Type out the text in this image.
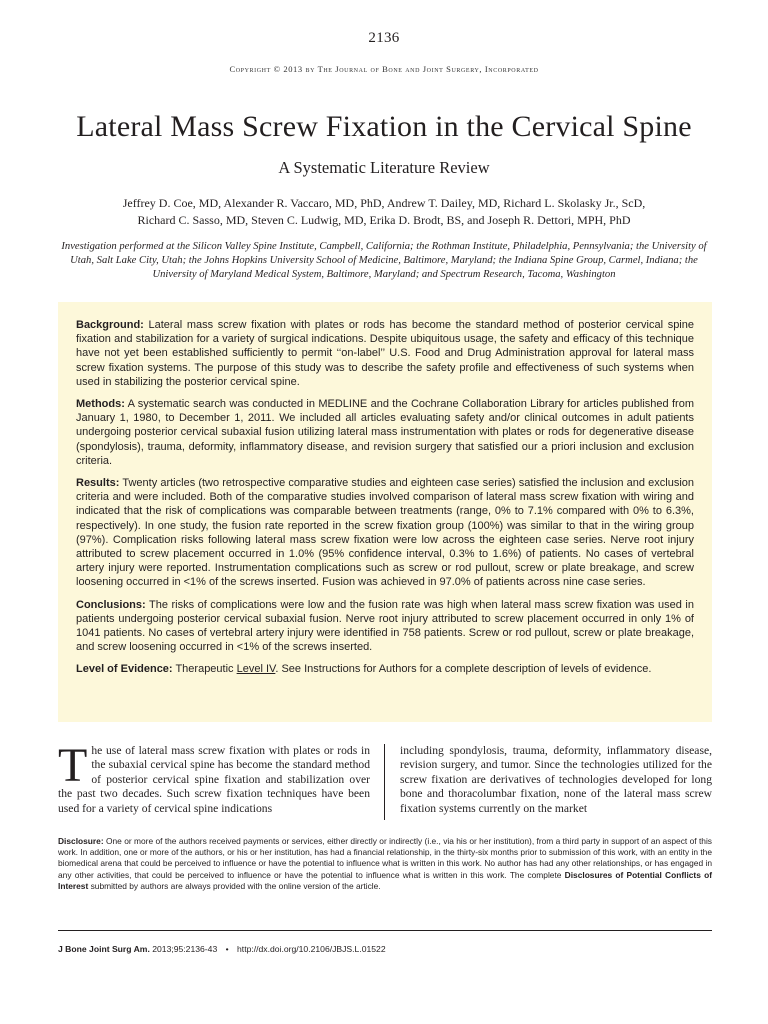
2136
Copyright © 2013 by The Journal of Bone and Joint Surgery, Incorporated
Lateral Mass Screw Fixation in the Cervical Spine
A Systematic Literature Review
Jeffrey D. Coe, MD, Alexander R. Vaccaro, MD, PhD, Andrew T. Dailey, MD, Richard L. Skolasky Jr., ScD,
Richard C. Sasso, MD, Steven C. Ludwig, MD, Erika D. Brodt, BS, and Joseph R. Dettori, MPH, PhD
Investigation performed at the Silicon Valley Spine Institute, Campbell, California; the Rothman Institute, Philadelphia, Pennsylvania; the University of Utah, Salt Lake City, Utah; the Johns Hopkins University School of Medicine, Baltimore, Maryland; the Indiana Spine Group, Carmel, Indiana; the University of Maryland Medical System, Baltimore, Maryland; and Spectrum Research, Tacoma, Washington

Background: Lateral mass screw fixation with plates or rods has become the standard method of posterior cervical spine fixation and stabilization for a variety of surgical indications. Despite ubiquitous usage, the safety and efficacy of this technique have not yet been established sufficiently to permit ‘‘on-label’’ U.S. Food and Drug Administration approval for lateral mass screw fixation systems. The purpose of this study was to describe the safety profile and effectiveness of such systems when used in stabilizing the posterior cervical spine.

Methods: A systematic search was conducted in MEDLINE and the Cochrane Collaboration Library for articles published from January 1, 1980, to December 1, 2011. We included all articles evaluating safety and/or clinical outcomes in adult patients undergoing posterior cervical subaxial fusion utilizing lateral mass instrumentation with plates or rods for degenerative disease (spondylosis), trauma, deformity, inflammatory disease, and revision surgery that satisfied our a priori inclusion and exclusion criteria.

Results: Twenty articles (two retrospective comparative studies and eighteen case series) satisfied the inclusion and exclusion criteria and were included. Both of the comparative studies involved comparison of lateral mass screw fixation with wiring and indicated that the risk of complications was comparable between treatments (range, 0% to 7.1% compared with 0% to 6.3%, respectively). In one study, the fusion rate reported in the screw fixation group (100%) was similar to that in the wiring group (97%). Complication risks following lateral mass screw fixation were low across the eighteen case series. Nerve root injury attributed to screw placement occurred in 1.0% (95% confidence interval, 0.3% to 1.6%) of patients. No cases of vertebral artery injury were reported. Instrumentation complications such as screw or rod pullout, screw or plate breakage, and screw loosening occurred in <1% of the screws inserted. Fusion was achieved in 97.0% of patients across nine case series.

Conclusions: The risks of complications were low and the fusion rate was high when lateral mass screw fixation was used in patients undergoing posterior cervical subaxial fusion. Nerve root injury attributed to screw placement occurred in only 1% of 1041 patients. No cases of vertebral artery injury were identified in 758 patients. Screw or rod pullout, screw or plate breakage, and screw loosening occurred in <1% of the screws inserted.

Level of Evidence: Therapeutic Level IV. See Instructions for Authors for a complete description of levels of evidence.

The use of lateral mass screw fixation with plates or rods in the subaxial cervical spine has become the standard method of posterior cervical spine fixation and stabilization over the past two decades. Such screw fixation techniques have been used for a variety of cervical spine indications
including spondylosis, trauma, deformity, inflammatory disease, revision surgery, and tumor. Since the technologies utilized for the screw fixation are derivatives of technologies developed for long bone and thoracolumbar fixation, none of the lateral mass screw fixation systems currently on the market
Disclosure: One or more of the authors received payments or services, either directly or indirectly (i.e., via his or her institution), from a third party in support of an aspect of this work. In addition, one or more of the authors, or his or her institution, has had a financial relationship, in the thirty-six months prior to submission of this work, with an entity in the biomedical arena that could be perceived to influence or have the potential to influence what is written in this work. No author has had any other relationships, or has engaged in any other activities, that could be perceived to influence or have the potential to influence what is written in this work. The complete Disclosures of Potential Conflicts of Interest submitted by authors are always provided with the online version of the article.
J Bone Joint Surg Am. 2013;95:2136-43 • http://dx.doi.org/10.2106/JBJS.L.01522
